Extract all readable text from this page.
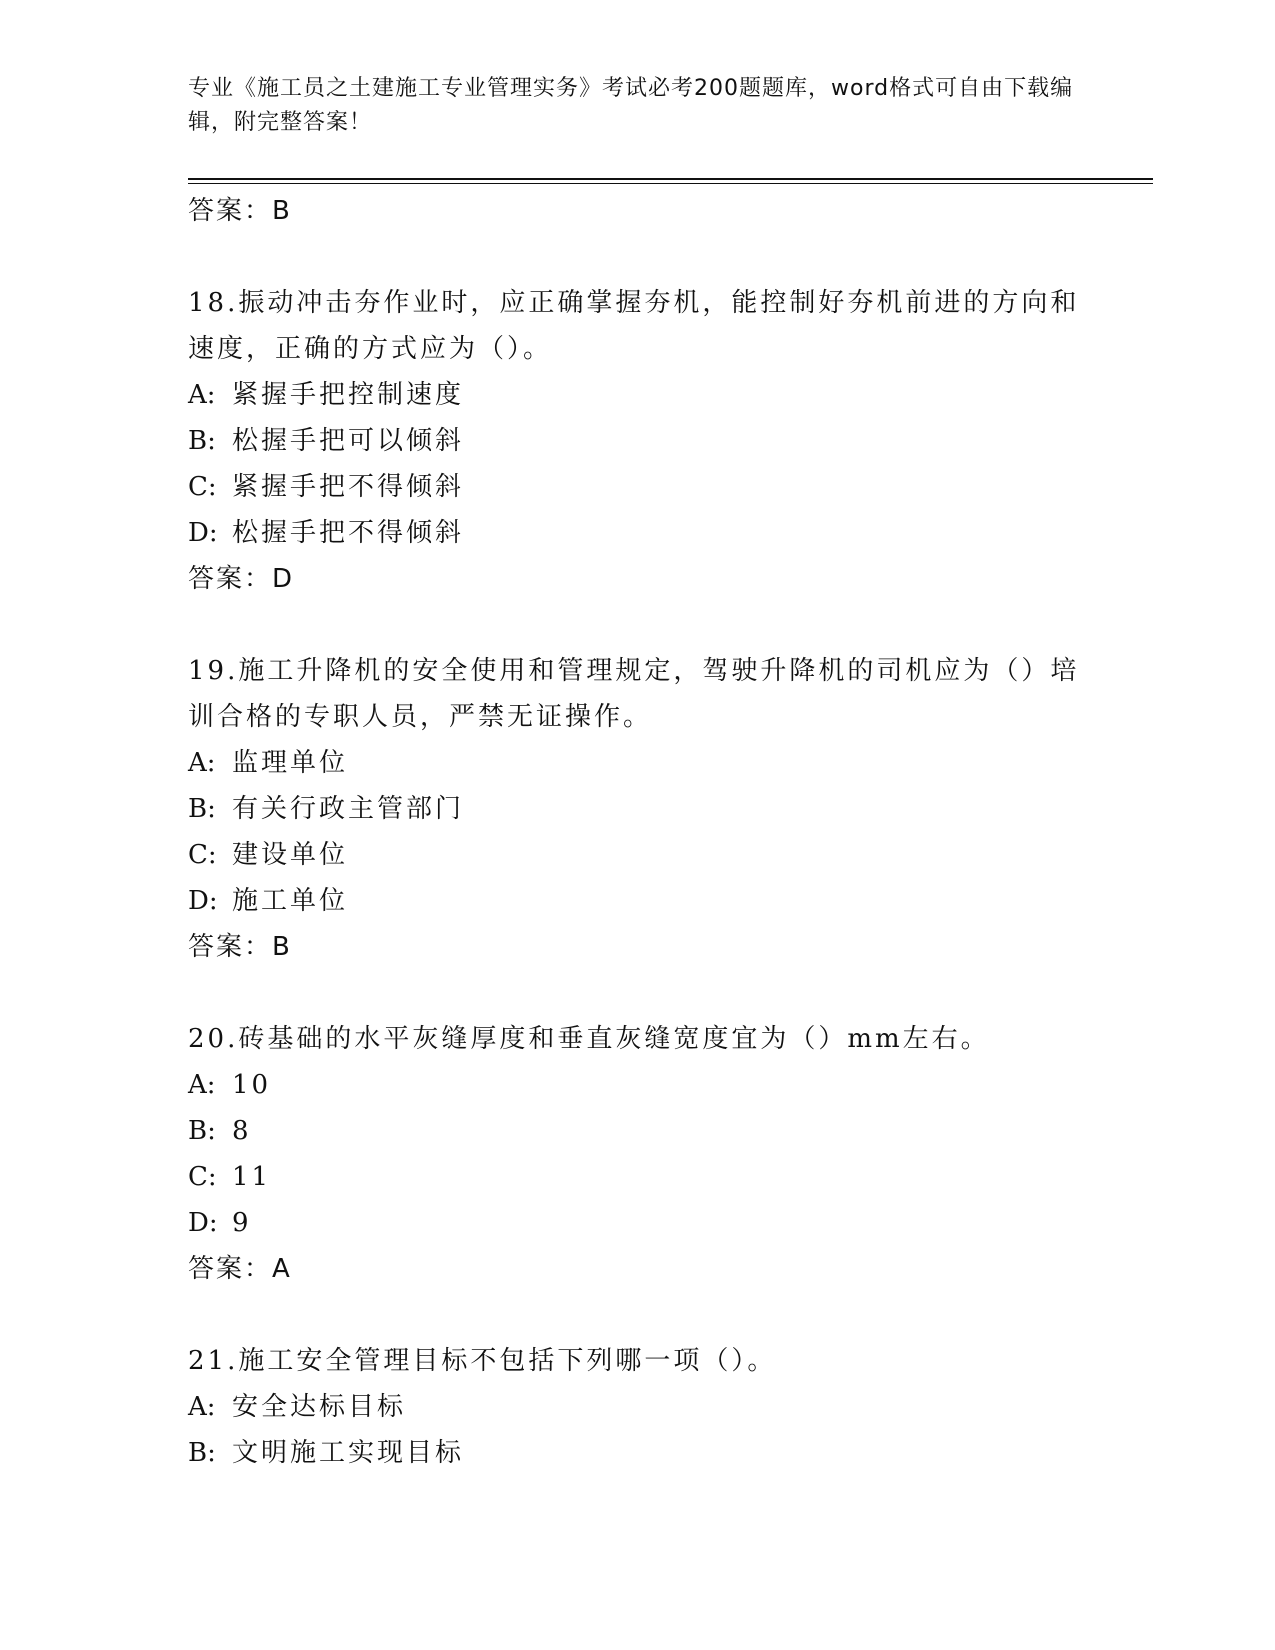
专业《施工员之土建施工专业管理实务》考试必考200题题库，word格式可自由下载编辑，附完整答案！
答案：B
18.振动冲击夯作业时，应正确掌握夯机，能控制好夯机前进的方向和速度，正确的方式应为（）。
A: 紧握手把控制速度
B: 松握手把可以倾斜
C: 紧握手把不得倾斜
D: 松握手把不得倾斜
答案：D
19.施工升降机的安全使用和管理规定，驾驶升降机的司机应为（）培训合格的专职人员，严禁无证操作。
A: 监理单位
B: 有关行政主管部门
C: 建设单位
D: 施工单位
答案：B
20.砖基础的水平灰缝厚度和垂直灰缝宽度宜为（）mm左右。
A: 10
B: 8
C: 11
D: 9
答案：A
21.施工安全管理目标不包括下列哪一项（）。
A: 安全达标目标
B: 文明施工实现目标
